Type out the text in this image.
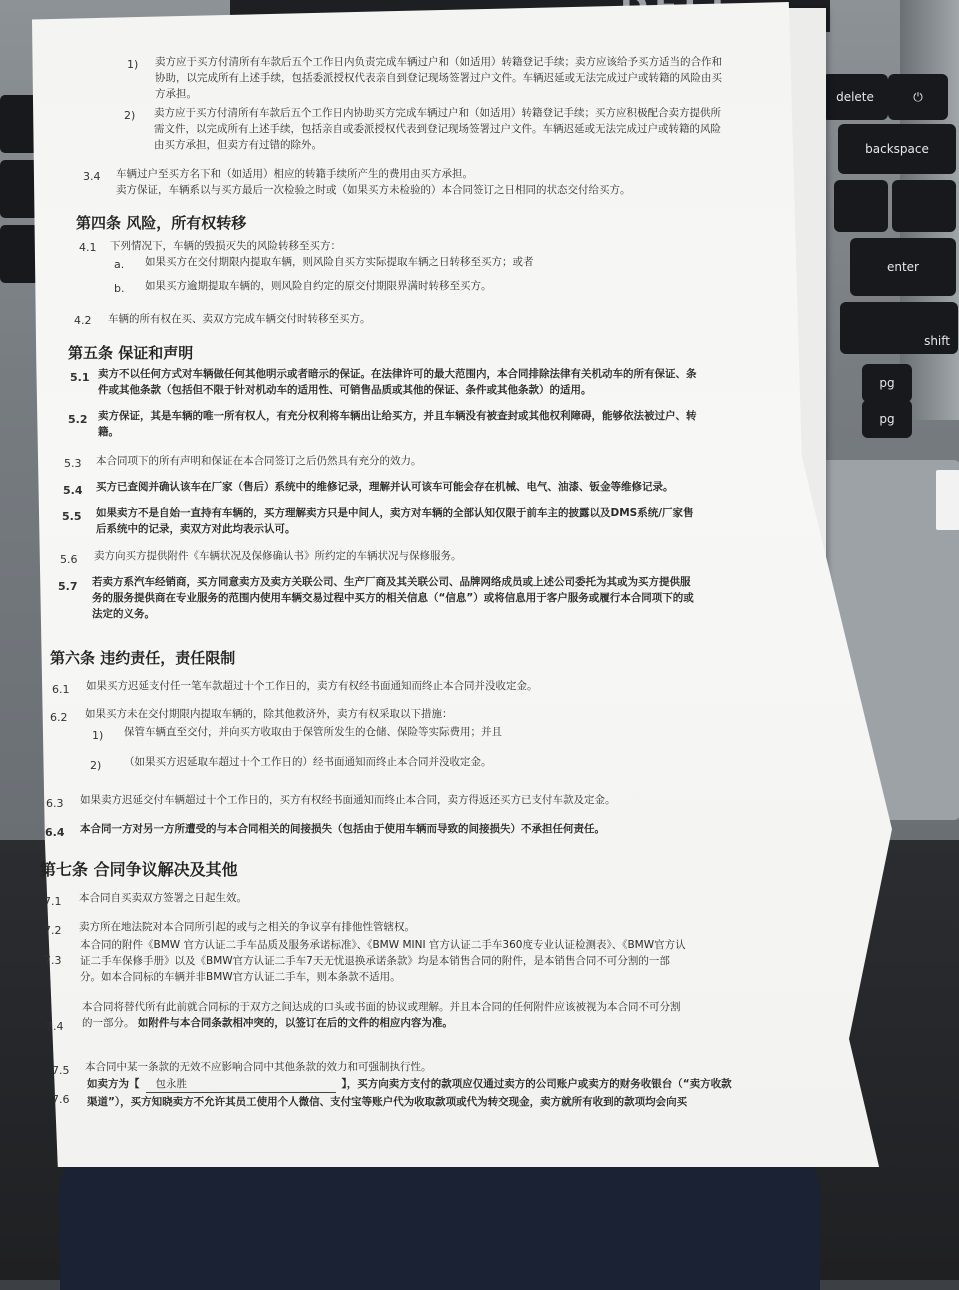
delete	⏻
backspace
enter
shift
pg
pg
1) 卖方应于买方付清所有车款后五个工作日内负责完成车辆过户和（如适用）转籍登记手续；卖方应该给予买方适当的合作和
协助，以完成所有上述手续，包括委派授权代表亲自到登记现场签署过户文件。车辆迟延或无法完成过户或转籍的风险由买
方承担。
2) 卖方应于买方付清所有车款后五个工作日内协助买方完成车辆过户和（如适用）转籍登记手续；买方应积极配合卖方提供所
需文件，以完成所有上述手续，包括亲自或委派授权代表到登记现场签署过户文件。车辆迟延或无法完成过户或转籍的风险
由买方承担，但卖方有过错的除外。
3.4 车辆过户至买方名下和（如适用）相应的转籍手续所产生的费用由买方承担。
卖方保证，车辆系以与买方最后一次检验之时或（如果买方未检验的）本合同签订之日相同的状态交付给买方。
第四条 风险，所有权转移
4.1 下列情况下，车辆的毁损灭失的风险转移至买方：
a. 如果买方在交付期限内提取车辆，则风险自买方实际提取车辆之日转移至买方；或者
b. 如果买方逾期提取车辆的，则风险自约定的原交付期限界满时转移至买方。
4.2 车辆的所有权在买、卖双方完成车辆交付时转移至买方。
第五条 保证和声明
5.1 卖方不以任何方式对车辆做任何其他明示或者暗示的保证。在法律许可的最大范围内，本合同排除法律有关机动车的所有保证、条
件或其他条款（包括但不限于针对机动车的适用性、可销售品质或其他的保证、条件或其他条款）的适用。
5.2 卖方保证，其是车辆的唯一所有权人，有充分权利将车辆出让给买方，并且车辆没有被查封或其他权利障碍，能够依法被过户、转
籍。
5.3 本合同项下的所有声明和保证在本合同签订之后仍然具有充分的效力。
5.4 买方已查阅并确认该车在厂家（售后）系统中的维修记录，理解并认可该车可能会存在机械、电气、油漆、钣金等维修记录。
5.5 如果卖方不是自始一直持有车辆的，买方理解卖方只是中间人，卖方对车辆的全部认知仅限于前车主的披露以及DMS系统/厂家售
后系统中的记录，卖双方对此均表示认可。
5.6 卖方向买方提供附件《车辆状况及保修确认书》所约定的车辆状况与保修服务。
5.7 若卖方系汽车经销商，买方同意卖方及卖方关联公司、生产厂商及其关联公司、品牌网络成员或上述公司委托为其或为买方提供服
务的服务提供商在专业服务的范围内使用车辆交易过程中买方的相关信息（“信息”）或将信息用于客户服务或履行本合同项下的或
法定的义务。
第六条 违约责任，责任限制
6.1 如果买方迟延支付任一笔车款超过十个工作日的，卖方有权经书面通知而终止本合同并没收定金。
6.2 如果买方未在交付期限内提取车辆的，除其他救济外，卖方有权采取以下措施：
1) 保管车辆直至交付，并向买方收取由于保管所发生的仓储、保险等实际费用；并且
2) （如果买方迟延取车超过十个工作日的）经书面通知而终止本合同并没收定金。
6.3 如果卖方迟延交付车辆超过十个工作日的，买方有权经书面通知而终止本合同，卖方得返还买方已支付车款及定金。
6.4 本合同一方对另一方所遭受的与本合同相关的间接损失（包括由于使用车辆而导致的间接损失）不承担任何责任。
第七条 合同争议解决及其他
7.1 本合同自买卖双方签署之日起生效。
7.2 卖方所在地法院对本合同所引起的或与之相关的争议享有排他性管辖权。
7.3
本合同的附件《BMW 官方认证二手车品质及服务承诺标准》、《BMW MINI 官方认证二手车360度专业认证检测表》、《BMW官方认
证二手车保修手册》以及《BMW官方认证二手车7天无忧退换承诺条款》均是本销售合同的附件，是本销售合同不可分割的一部
分。如本合同标的车辆并非BMW官方认证二手车，则本条款不适用。
7.4
本合同将替代所有此前就合同标的于双方之间达成的口头或书面的协议或理解。并且本合同的任何附件应该被视为本合同不可分割
的一部分。 如附件与本合同条款相冲突的，以签订在后的文件的相应内容为准。
7.5 本合同中某一条款的无效不应影响合同中其他条款的效力和可强制执行性。
7.6
如卖方为【 包永胜	】，买方向卖方支付的款项应仅通过卖方的公司账户或卖方的财务收银台（“卖方收款
渠道”），买方知晓卖方不允许其员工使用个人微信、支付宝等账户代为收取款项或代为转交现金，卖方就所有收到的款项均会向买
